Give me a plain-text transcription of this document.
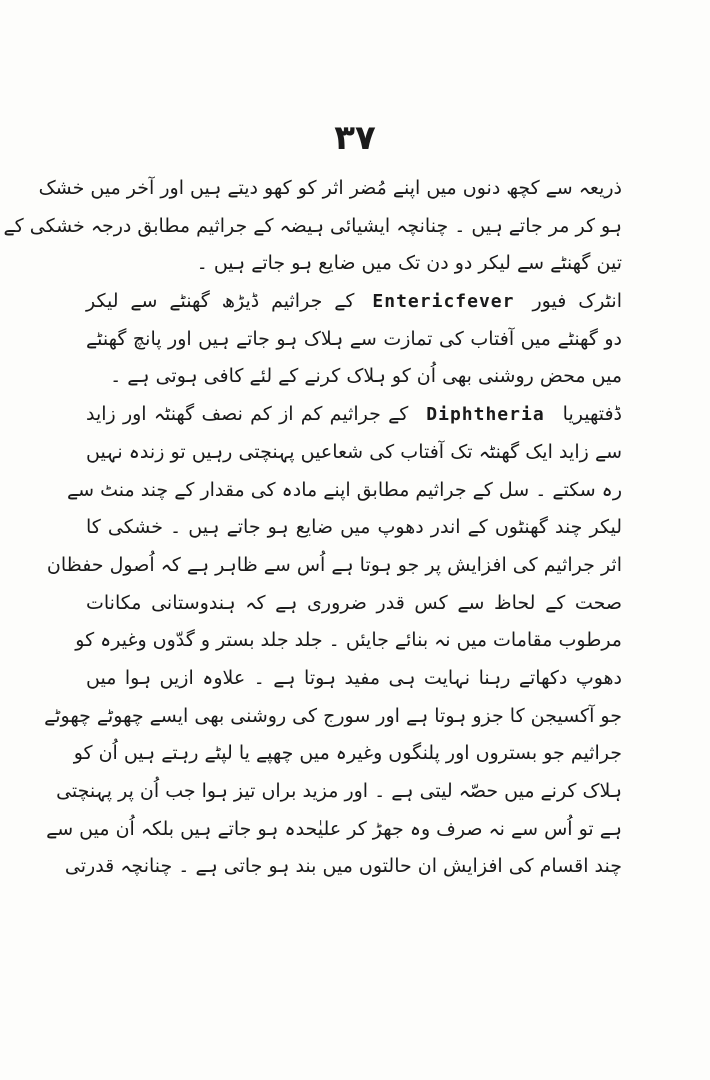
۳۷
ذریعہ سے کچھ دنوں میں اپنے مُضر اثر کو کھو دیتے ہیں اور آخر میں خشک
ہو کر مر جاتے ہیں ۔ چنانچہ ایشیائی ہیضہ کے جراثیم مطابق درجہ خشکی کے
تین گھنٹے سے لیکر دو دن تک میں ضایع ہو جاتے ہیں ۔
انٹرک فیورEntericfeverکے جراثیم ڈیڑھ گھنٹے سے لیکر
دو گھنٹے میں آفتاب کی تمازت سے ہلاک ہو جاتے ہیں اور پانچ گھنٹے
میں محض روشنی بھی اُن کو ہلاک کرنے کے لئے کافی ہوتی ہے ۔
ڈفتھیریاDiphtheriaکے جراثیم کم از کم نصف گھنٹہ اور زاید
سے زاید ایک گھنٹہ تک آفتاب کی شعاعیں پہنچتی رہیں تو زندہ نہیں
رہ سکتے ۔ سل کے جراثیم مطابق اپنے مادہ کی مقدار کے چند منٹ سے
لیکر چند گھنٹوں کے اندر دھوپ میں ضایع ہو جاتے ہیں ۔ خشکی کا
اثر جراثیم کی افزایش پر جو ہوتا ہے اُس سے ظاہر ہے کہ اُصول حفظان
صحت کے لحاظ سے کس قدر ضروری ہے کہ ہندوستانی مکانات
مرطوب مقامات میں نہ بنائے جایئں ۔ جلد جلد بستر و گدّوں وغیرہ کو
دھوپ دکھاتے رہنا نہایت ہی مفید ہوتا ہے ۔ علاوہ ازیں ہوا میں
جو آکسیجن کا جزو ہوتا ہے اور سورج کی روشنی بھی ایسے چھوٹے چھوٹے
جراثیم جو بستروں اور پلنگوں وغیرہ میں چھپے یا لپٹے رہتے ہیں اُن کو
ہلاک کرنے میں حصّہ لیتی ہے ۔ اور مزید براں تیز ہوا جب اُن پر پہنچتی
ہے تو اُس سے نہ صرف وہ جھڑ کر علیٰحدہ ہو جاتے ہیں بلکہ اُن میں سے
چند اقسام کی افزایش ان حالتوں میں بند ہو جاتی ہے ۔ چنانچہ قدرتی
